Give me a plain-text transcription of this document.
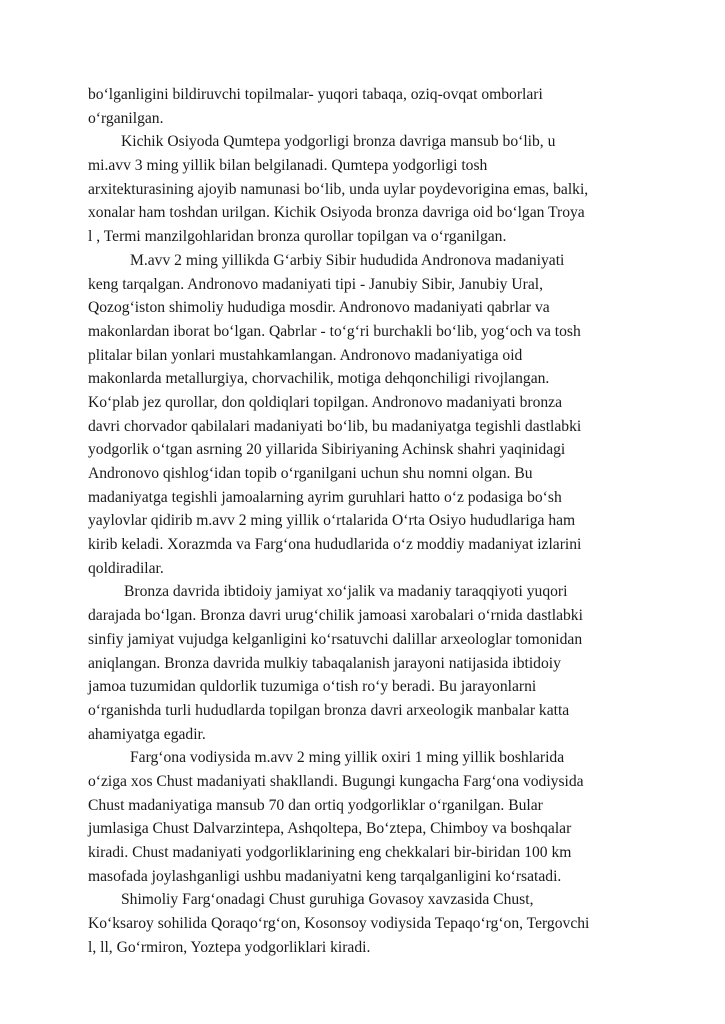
bo‘lganligini bildiruvchi topilmalar- yuqori tabaqa, oziq-ovqat omborlari
o‘rganilgan.
Kichik Osiyoda Qumtepa yodgorligi bronza davriga mansub bo‘lib, u
mi.avv 3 ming yillik bilan belgilanadi. Qumtepa yodgorligi tosh
arxitekturasining ajoyib namunasi bo‘lib, unda uylar poydevorigina emas, balki,
xonalar ham toshdan urilgan. Kichik Osiyoda bronza davriga oid bo‘lgan Troya
l , Termi manzilgohlaridan bronza qurollar topilgan va o‘rganilgan.
M.avv 2 ming yillikda G‘arbiy Sibir hududida Andronova madaniyati
keng tarqalgan. Andronovo madaniyati tipi - Janubiy Sibir, Janubiy Ural,
Qozog‘iston shimoliy hududiga mosdir. Andronovo madaniyati qabrlar va
makonlardan iborat bo‘lgan. Qabrlar - to‘g‘ri burchakli bo‘lib, yog‘och va tosh
plitalar bilan yonlari mustahkamlangan. Andronovo madaniyatiga oid
makonlarda metallurgiya, chorvachilik, motiga dehqonchiligi rivojlangan.
Ko‘plab jez qurollar, don qoldiqlari topilgan. Andronovo madaniyati bronza
davri chorvador qabilalari madaniyati bo‘lib, bu madaniyatga tegishli dastlabki
yodgorlik o‘tgan asrning 20 yillarida Sibiriyaning Achinsk shahri yaqinidagi
Andronovo qishlog‘idan topib o‘rganilgani uchun shu nomni olgan. Bu
madaniyatga tegishli jamoalarning ayrim guruhlari hatto o‘z podasiga bo‘sh
yaylovlar qidirib m.avv 2 ming yillik o‘rtalarida O‘rta Osiyo hududlariga ham
kirib keladi. Xorazmda va Farg‘ona hududlarida o‘z moddiy madaniyat izlarini
qoldiradilar.
Bronza davrida ibtidoiy jamiyat xo‘jalik va madaniy taraqqiyoti yuqori
darajada bo‘lgan. Bronza davri urug‘chilik jamoasi xarobalari o‘rnida dastlabki
sinfiy jamiyat vujudga kelganligini ko‘rsatuvchi dalillar arxeologlar tomonidan
aniqlangan. Bronza davrida mulkiy tabaqalanish jarayoni natijasida ibtidoiy
jamoa tuzumidan quldorlik tuzumiga o‘tish ro‘y beradi. Bu jarayonlarni
o‘rganishda turli hududlarda topilgan bronza davri arxeologik manbalar katta
ahamiyatga egadir.
Farg‘ona vodiysida m.avv 2 ming yillik oxiri 1 ming yillik boshlarida
o‘ziga xos Chust madaniyati shakllandi. Bugungi kungacha Farg‘ona vodiysida
Chust madaniyatiga mansub 70 dan ortiq yodgorliklar o‘rganilgan. Bular
jumlasiga Chust Dalvarzintepa, Ashqoltepa, Bo‘ztepa, Chimboy va boshqalar
kiradi. Chust madaniyati yodgorliklarining eng chekkalari bir-biridan 100 km
masofada joylashganligi ushbu madaniyatni keng tarqalganligini ko‘rsatadi.
Shimoliy Farg‘onadagi Chust guruhiga Govasoy xavzasida Chust,
Ko‘ksaroy sohilida Qoraqo‘rg‘on, Kosonsoy vodiysida Tepaqo‘rg‘on, Tergovchi
l, ll, Go‘rmiron, Yoztepa yodgorliklari kiradi.
